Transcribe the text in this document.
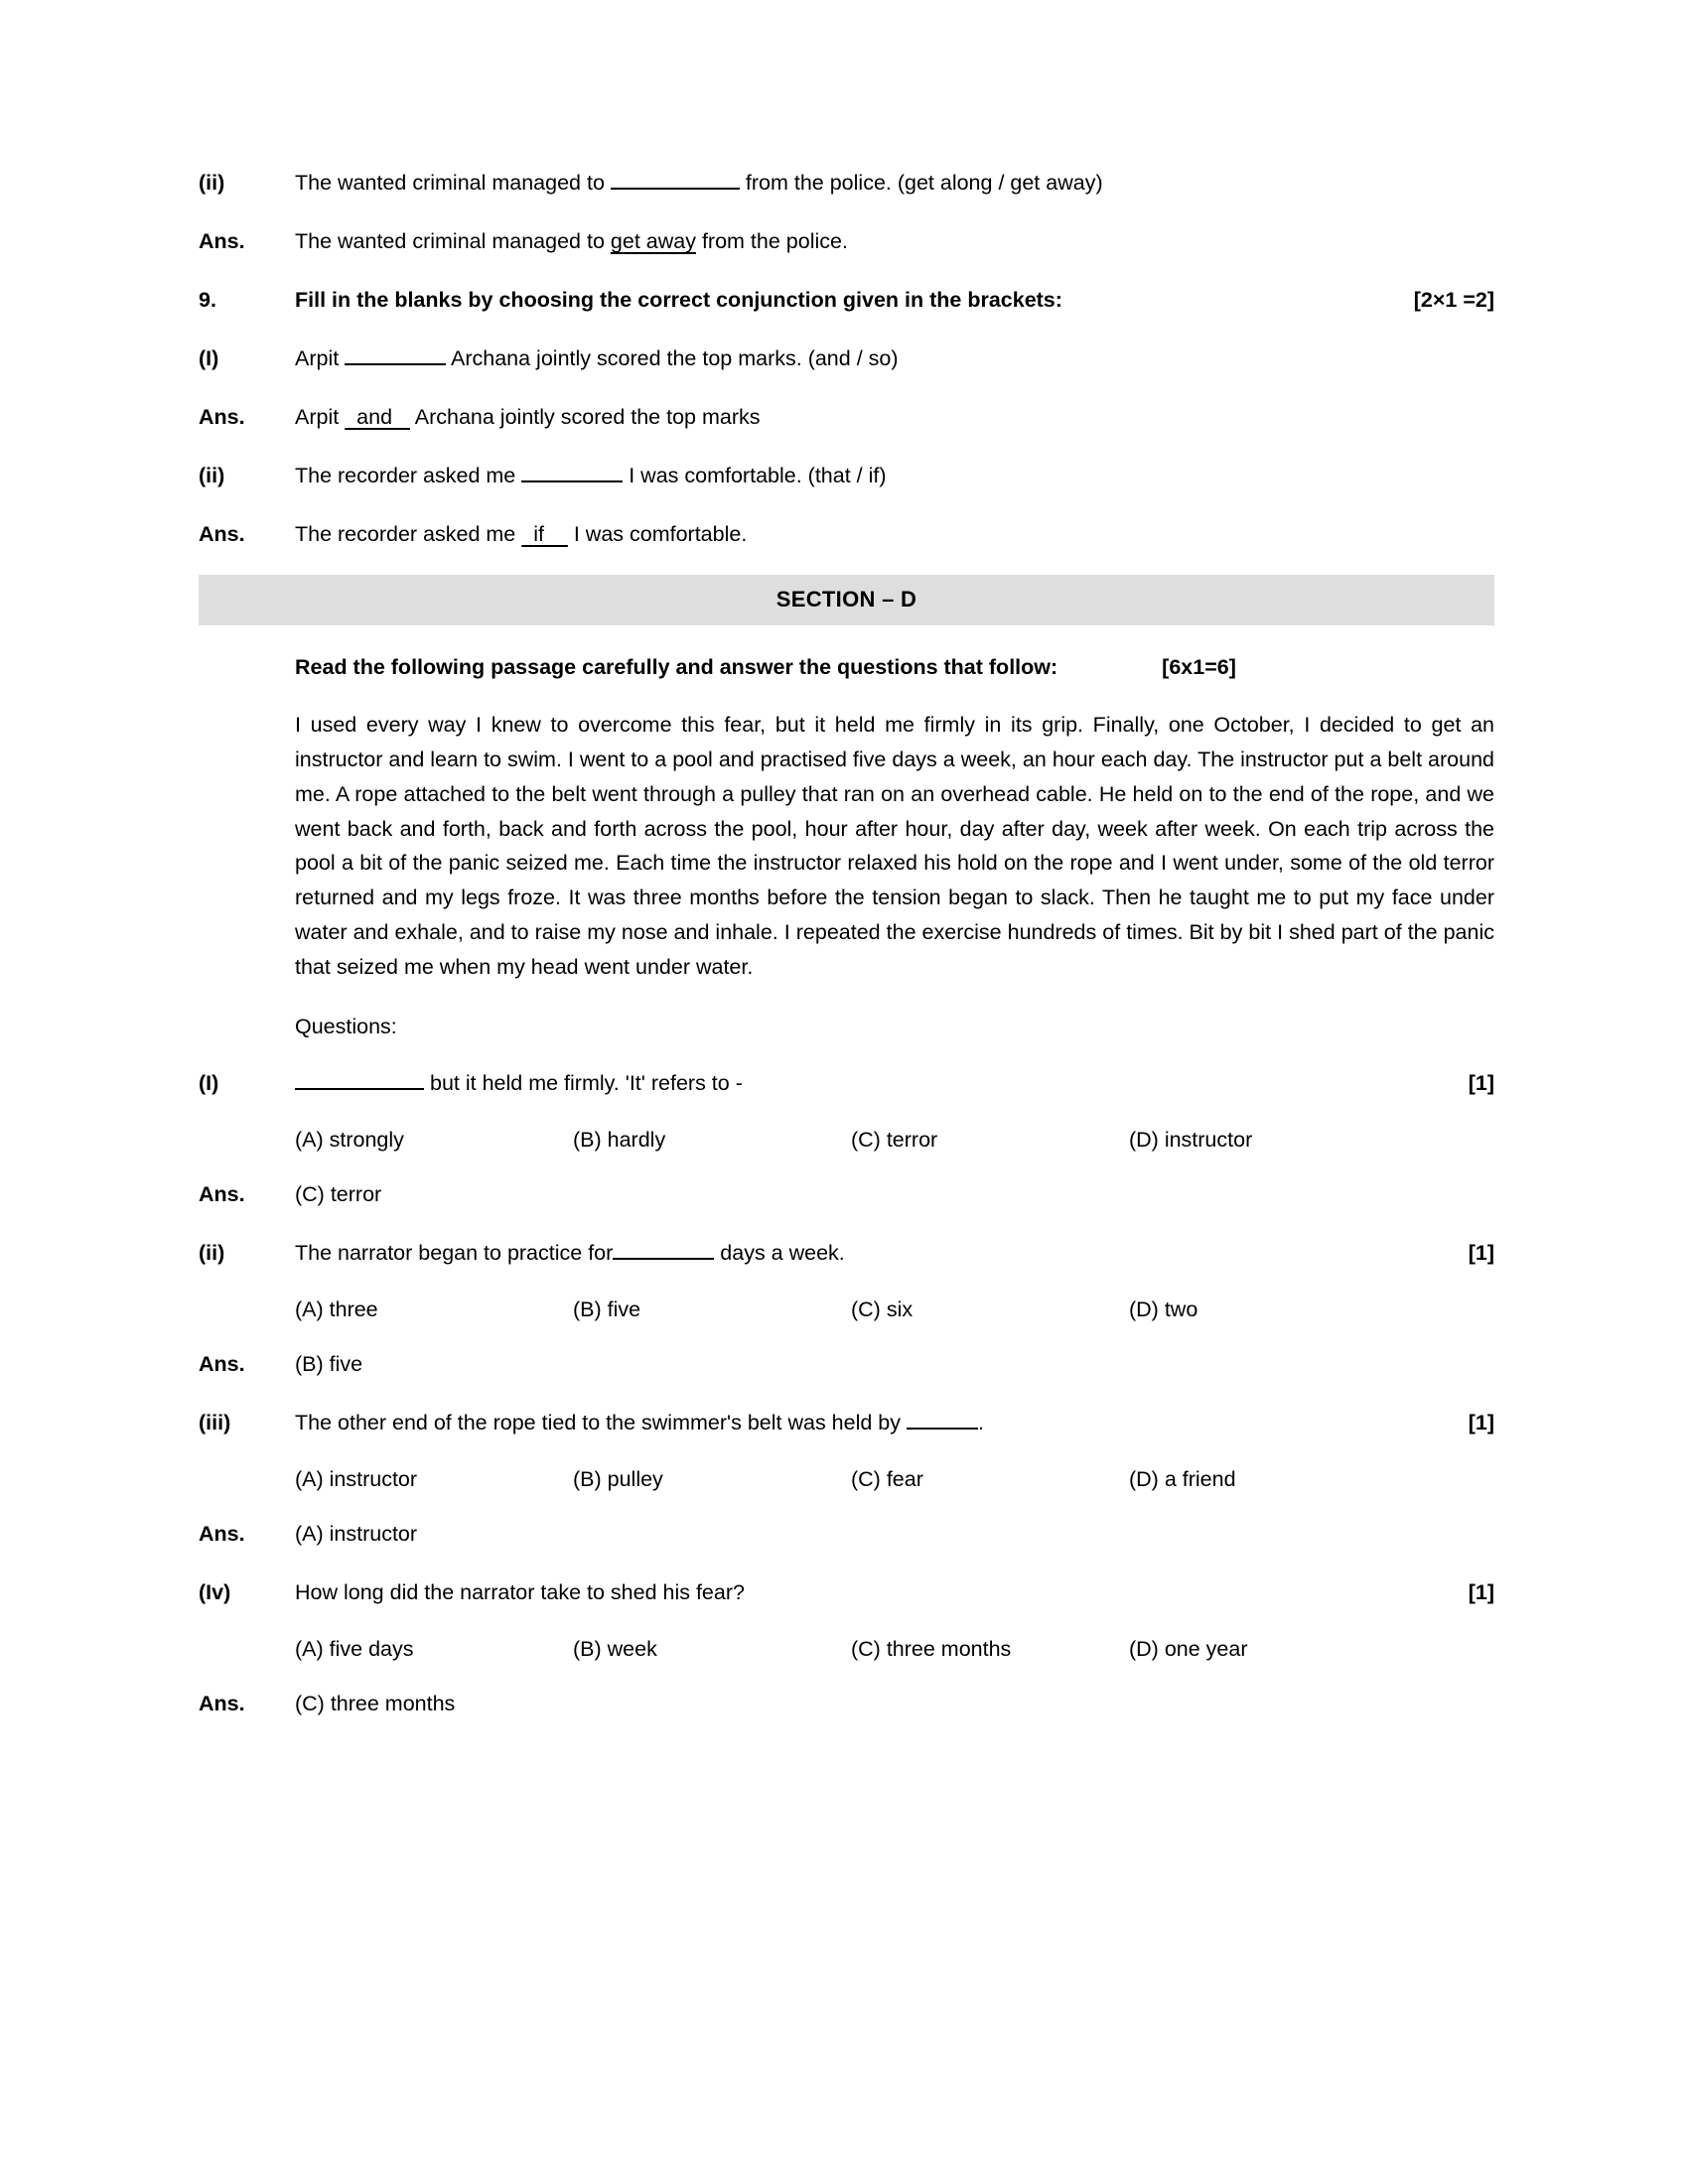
(ii)	The wanted criminal managed to	from the police. (get along / get away)
Ans.	The wanted criminal managed to get away from the police.
9.	Fill in the blanks by choosing the correct conjunction given in the brackets:	[2×1 =2]
(I)	Arpit	Archana jointly scored the top marks. (and / so)
Ans.	Arpit and Archana jointly scored the top marks
(ii)	The recorder asked me	I was comfortable. (that / if)
Ans.	The recorder asked me if I was comfortable.
SECTION – D
Read the following passage carefully and answer the questions that follow:	[6x1=6]
I used every way I knew to overcome this fear, but it held me firmly in its grip. Finally, one October, I decided to get an instructor and learn to swim. I went to a pool and practised five days a week, an hour each day. The instructor put a belt around me. A rope attached to the belt went through a pulley that ran on an overhead cable. He held on to the end of the rope, and we went back and forth, back and forth across the pool, hour after hour, day after day, week after week. On each trip across the pool a bit of the panic seized me. Each time the instructor relaxed his hold on the rope and I went under, some of the old terror returned and my legs froze. It was three months before the tension began to slack. Then he taught me to put my face under water and exhale, and to raise my nose and inhale. I repeated the exercise hundreds of times. Bit by bit I shed part of the panic that seized me when my head went under water.
Questions:
(I)	but it held me firmly. 'It' refers to -	[1]
(A) strongly	(B) hardly	(C) terror	(D) instructor
Ans.	(C) terror
(ii)	The narrator began to practice for	days a week.	[1]
(A) three	(B) five	(C) six	(D) two
Ans.	(B) five
(iii)	The other end of the rope tied to the swimmer's belt was held by	.	[1]
(A) instructor	(B) pulley	(C) fear	(D) a friend
Ans.	(A) instructor
(Iv)	How long did the narrator take to shed his fear?	[1]
(A) five days	(B) week	(C) three months	(D) one year
Ans.	(C) three months
